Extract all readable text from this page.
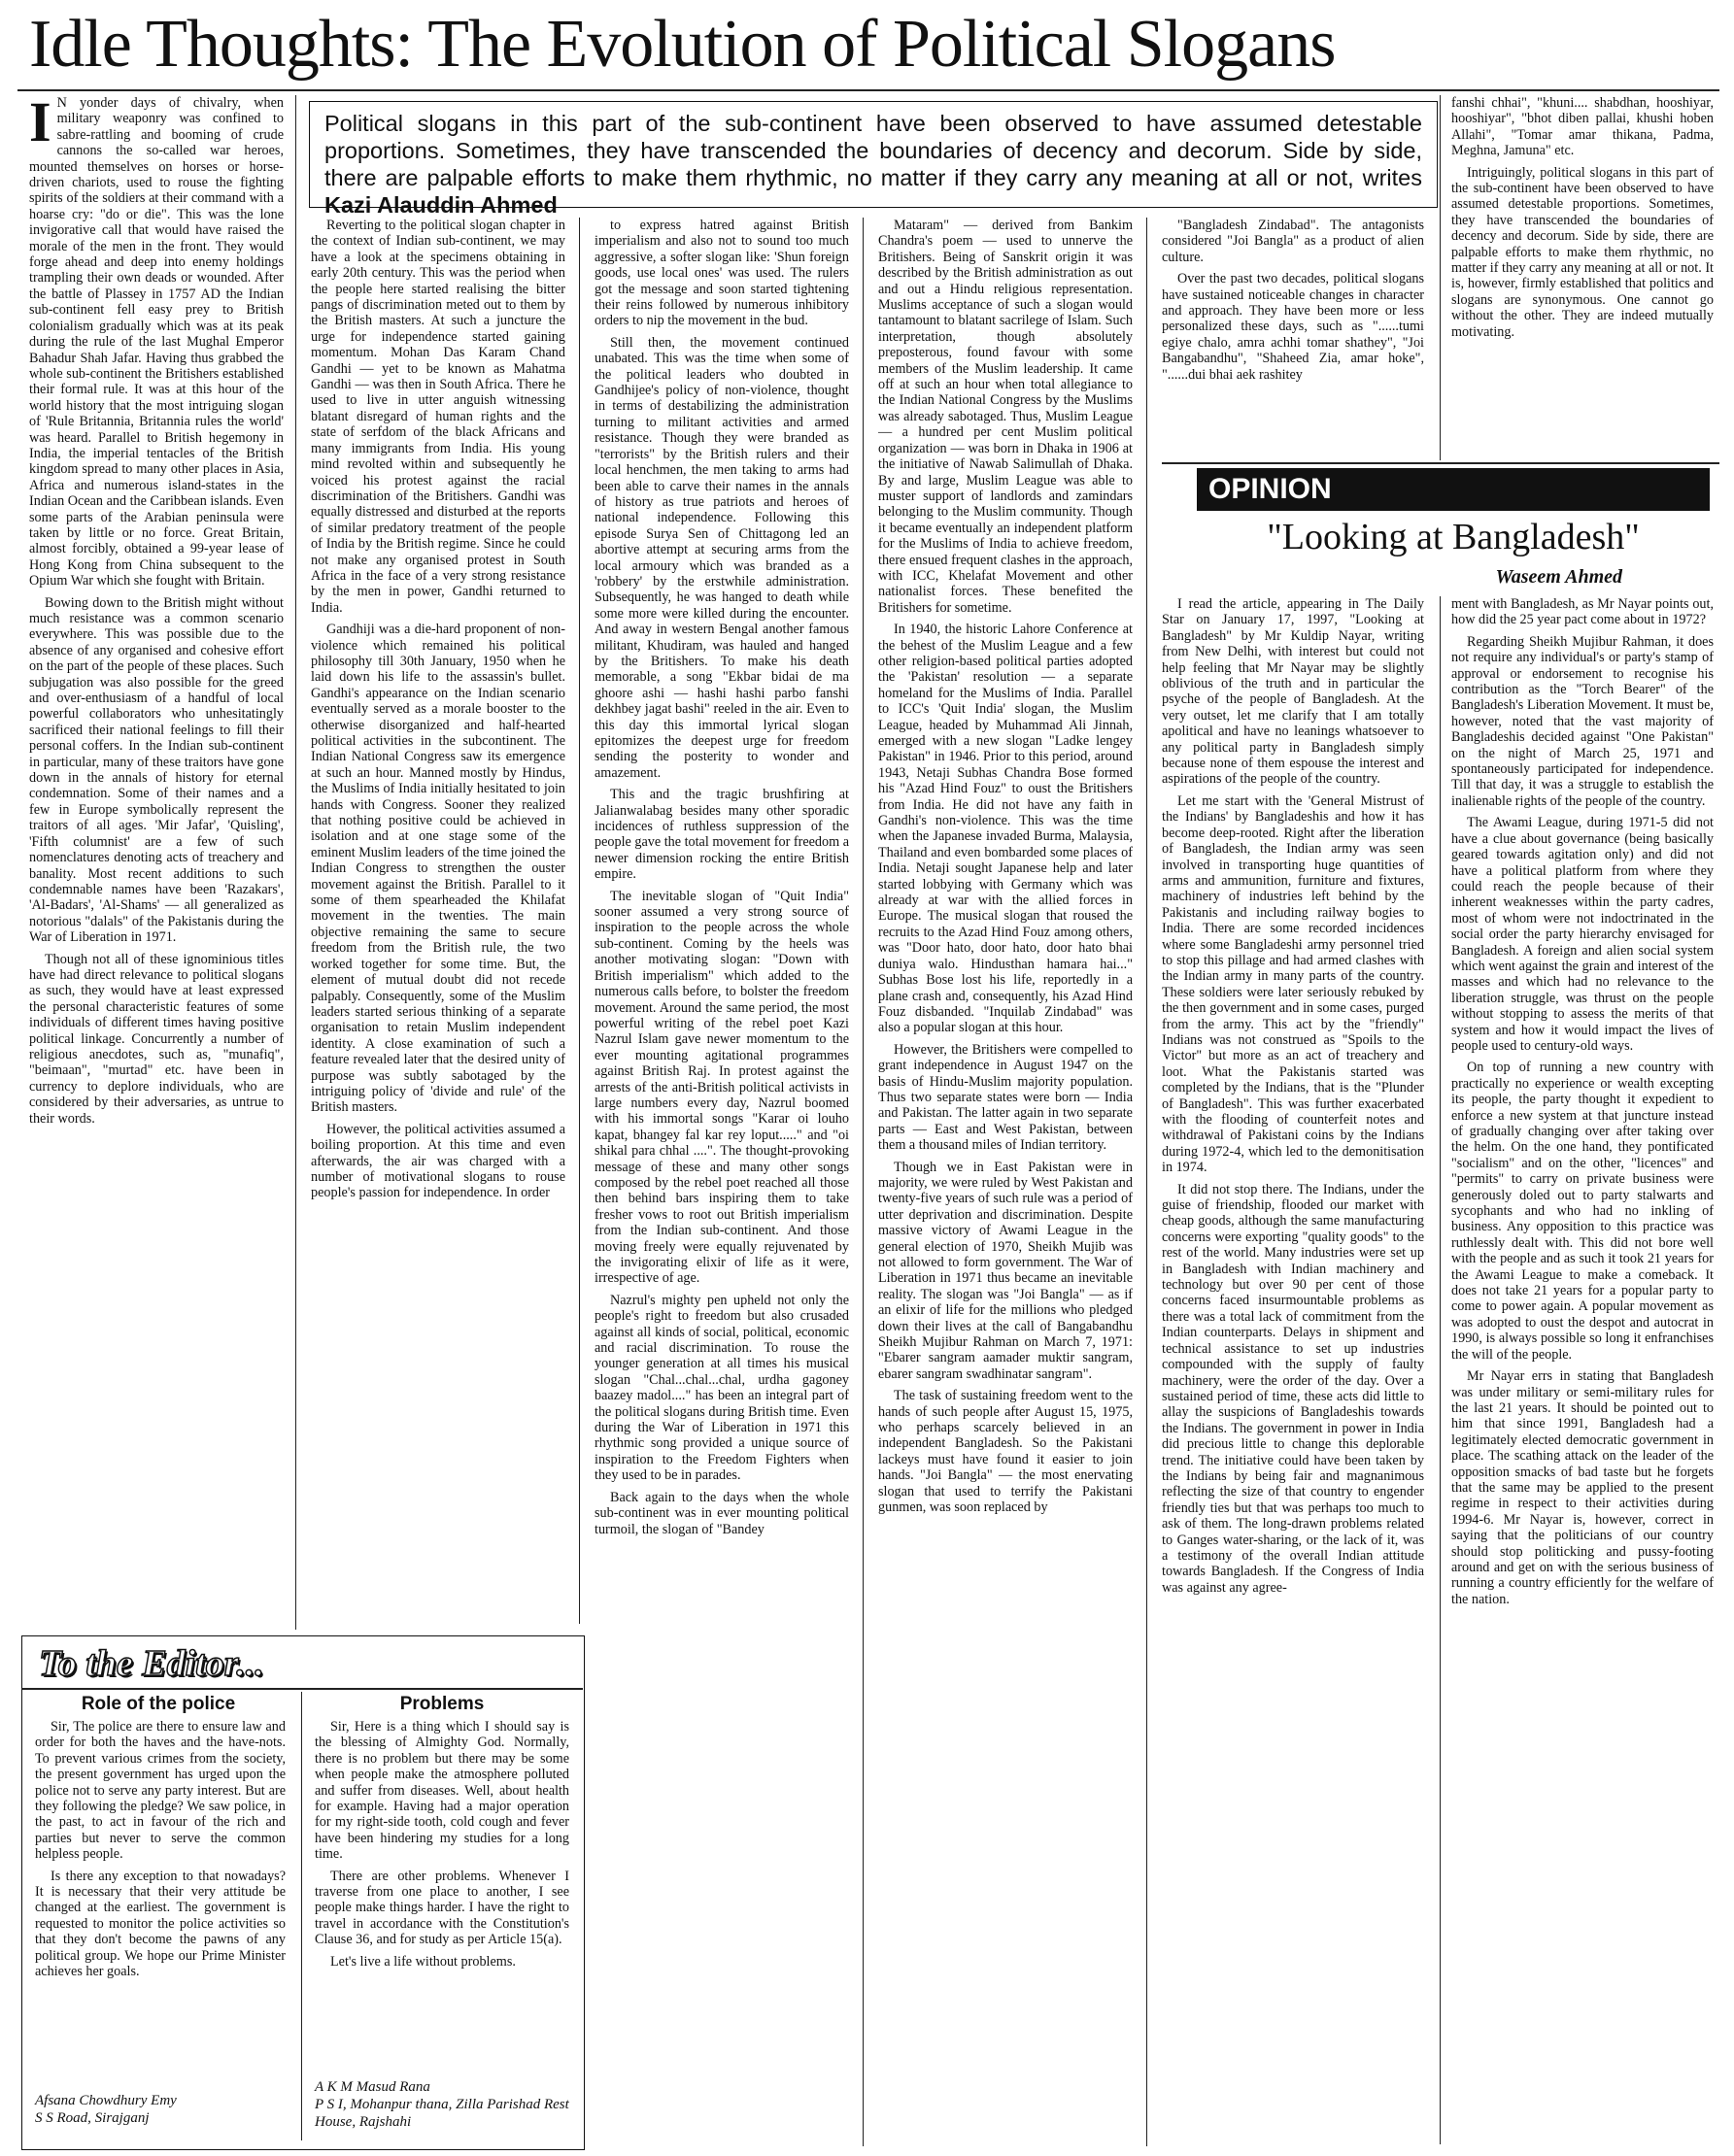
Idle Thoughts: The Evolution of Political Slogans
Political slogans in this part of the sub-continent have been observed to have assumed detestable proportions. Sometimes, they have transcended the boundaries of decency and decorum. Side by side, there are palpable efforts to make them rhythmic, no matter if they carry any meaning at all or not, writes Kazi Alauddin Ahmed

I N yonder days of chivalry, when military weaponry was confined to sabre-rattling and booming of crude cannons the so-called war heroes, mounted themselves on horses or horse-driven chariots, used to rouse the fighting spirits of the soldiers at their command with a hoarse cry: "do or die". This was the lone invigorative call that would have raised the morale of the men in the front. They would forge ahead and deep into enemy holdings trampling their own deads or wounded. After the battle of Plassey in 1757 AD the Indian sub-continent fell easy prey to British colonialism gradually which was at its peak during the rule of the last Mughal Emperor Bahadur Shah Jafar. Having thus grabbed the whole sub-continent the Britishers established their formal rule. It was at this hour of the world history that the most intriguing slogan of 'Rule Britannia, Britannia rules the world' was heard. Parallel to British hegemony in India, the imperial tentacles of the British kingdom spread to many other places in Asia, Africa and numerous island-states in the Indian Ocean and the Caribbean islands. Even some parts of the Arabian peninsula were taken by little or no force. Great Britain, almost forcibly, obtained a 99-year lease of Hong Kong from China subsequent to the Opium War which she fought with Britain.

Bowing down to the British might without much resistance was a common scenario everywhere. This was possible due to the absence of any organised and cohesive effort on the part of the people of these places. Such subjugation was also possible for the greed and over-enthusiasm of a handful of local powerful collaborators who unhesitatingly sacrificed their national feelings to fill their personal coffers. In the Indian sub-continent in particular, many of these traitors have gone down in the annals of history for eternal condemnation. Some of their names and a few in Europe symbolically represent the traitors of all ages. 'Mir Jafar', 'Quisling', 'Fifth columnist' are a few of such nomenclatures denoting acts of treachery and banality. Most recent additions to such condemnable names have been 'Razakars', 'Al-Badars', 'Al-Shams' — all generalized as notorious "dalals" of the Pakistanis during the War of Liberation in 1971.

Though not all of these ignominious titles have had direct relevance to political slogans as such, they would have at least expressed the personal characteristic features of some individuals of different times having positive political linkage. Concurrently a number of religious anecdotes, such as, "munafiq", "beimaan", "murtad" etc. have been in currency to deplore individuals, who are considered by their adversaries, as untrue to their words.

Reverting to the political slogan chapter in the context of Indian sub-continent, we may have a look at the specimens obtaining in early 20th century. This was the period when the people here started realising the bitter pangs of discrimination meted out to them by the British masters. At such a juncture the urge for independence started gaining momentum. Mohan Das Karam Chand Gandhi — yet to be known as Mahatma Gandhi — was then in South Africa. There he used to live in utter anguish witnessing blatant disregard of human rights and the state of serfdom of the black Africans and many immigrants from India. His young mind revolted within and subsequently he voiced his protest against the racial discrimination of the Britishers. Gandhi was equally distressed and disturbed at the reports of similar predatory treatment of the people of India by the British regime. Since he could not make any organised protest in South Africa in the face of a very strong resistance by the men in power, Gandhi returned to India.

Gandhiji was a die-hard proponent of non-violence which remained his political philosophy till 30th January, 1950 when he laid down his life to the assassin's bullet. Gandhi's appearance on the Indian scenario eventually served as a morale booster to the otherwise disorganized and half-hearted political activities in the subcontinent. The Indian National Congress saw its emergence at such an hour. Manned mostly by Hindus, the Muslims of India initially hesitated to join hands with Congress. Sooner they realized that nothing positive could be achieved in isolation and at one stage some of the eminent Muslim leaders of the time joined the Indian Congress to strengthen the ouster movement against the British. Parallel to it some of them spearheaded the Khilafat movement in the twenties. The main objective remaining the same to secure freedom from the British rule, the two worked together for some time. But, the element of mutual doubt did not recede palpably. Consequently, some of the Muslim leaders started serious thinking of a separate organisation to retain Muslim independent identity. A close examination of such a feature revealed later that the desired unity of purpose was subtly sabotaged by the intriguing policy of 'divide and rule' of the British masters.

However, the political activities assumed a boiling proportion. At this time and even afterwards, the air was charged with a number of motivational slogans to rouse people's passion for independence. In order

to express hatred against British imperialism and also not to sound too much aggressive, a softer slogan like: 'Shun foreign goods, use local ones' was used. The rulers got the message and soon started tightening their reins followed by numerous inhibitory orders to nip the movement in the bud.

Still then, the movement continued unabated. This was the time when some of the political leaders who doubted in Gandhijee's policy of non-violence, thought in terms of destabilizing the administration turning to militant activities and armed resistance. Though they were branded as "terrorists" by the British rulers and their local henchmen, the men taking to arms had been able to carve their names in the annals of history as true patriots and heroes of national independence. Following this episode Surya Sen of Chittagong led an abortive attempt at securing arms from the local armoury which was branded as a 'robbery' by the erstwhile administration. Subsequently, he was hanged to death while some more were killed during the encounter. And away in western Bengal another famous militant, Khudiram, was hauled and hanged by the Britishers. To make his death memorable, a song "Ekbar bidai de ma ghoore ashi — hashi hashi parbo fanshi dekhbey jagat bashi" reeled in the air. Even to this day this immortal lyrical slogan epitomizes the deepest urge for freedom sending the posterity to wonder and amazement.

This and the tragic brushfiring at Jalianwalabag besides many other sporadic incidences of ruthless suppression of the people gave the total movement for freedom a newer dimension rocking the entire British empire.

The inevitable slogan of "Quit India" sooner assumed a very strong source of inspiration to the people across the whole sub-continent. Coming by the heels was another motivating slogan: "Down with British imperialism" which added to the numerous calls before, to bolster the freedom movement. Around the same period, the most powerful writing of the rebel poet Kazi Nazrul Islam gave newer momentum to the ever mounting agitational programmes against British Raj. In protest against the arrests of the anti-British political activists in large numbers every day, Nazrul boomed with his immortal songs "Karar oi louho kapat, bhangey fal kar rey loput....." and "oi shikal para chhal ....". The thought-provoking message of these and many other songs composed by the rebel poet reached all those then behind bars inspiring them to take fresher vows to root out British imperialism from the Indian sub-continent. And those moving freely were equally rejuvenated by the invigorating elixir of life as it were, irrespective of age.

Nazrul's mighty pen upheld not only the people's right to freedom but also crusaded against all kinds of social, political, economic and racial discrimination. To rouse the younger generation at all times his musical slogan "Chal...chal...chal, urdha gagoney baazey madol...." has been an integral part of the political slogans during British time. Even during the War of Liberation in 1971 this rhythmic song provided a unique source of inspiration to the Freedom Fighters when they used to be in parades.

Back again to the days when the whole sub-continent was in ever mounting political turmoil, the slogan of "Bandey

Mataram" — derived from Bankim Chandra's poem — used to unnerve the Britishers. Being of Sanskrit origin it was described by the British administration as out and out a Hindu religious representation. Muslims acceptance of such a slogan would tantamount to blatant sacrilege of Islam. Such interpretation, though absolutely preposterous, found favour with some members of the Muslim leadership. It came off at such an hour when total allegiance to the Indian National Congress by the Muslims was already sabotaged. Thus, Muslim League — a hundred per cent Muslim political organization — was born in Dhaka in 1906 at the initiative of Nawab Salimullah of Dhaka. By and large, Muslim League was able to muster support of landlords and zamindars belonging to the Muslim community. Though it became eventually an independent platform for the Muslims of India to achieve freedom, there ensued frequent clashes in the approach, with ICC, Khelafat Movement and other nationalist forces. These benefited the Britishers for sometime.

In 1940, the historic Lahore Conference at the behest of the Muslim League and a few other religion-based political parties adopted the 'Pakistan' resolution — a separate homeland for the Muslims of India. Parallel to ICC's 'Quit India' slogan, the Muslim League, headed by Muhammad Ali Jinnah, emerged with a new slogan "Ladke lengey Pakistan" in 1946. Prior to this period, around 1943, Netaji Subhas Chandra Bose formed his "Azad Hind Fouz" to oust the Britishers from India. He did not have any faith in Gandhi's non-violence. This was the time when the Japanese invaded Burma, Malaysia, Thailand and even bombarded some places of India. Netaji sought Japanese help and later started lobbying with Germany which was already at war with the allied forces in Europe. The musical slogan that roused the recruits to the Azad Hind Fouz among others, was "Door hato, door hato, door hato bhai duniya walo. Hindusthan hamara hai..." Subhas Bose lost his life, reportedly in a plane crash and, consequently, his Azad Hind Fouz disbanded. "Inquilab Zindabad" was also a popular slogan at this hour.

However, the Britishers were compelled to grant independence in August 1947 on the basis of Hindu-Muslim majority population. Thus two separate states were born — India and Pakistan. The latter again in two separate parts — East and West Pakistan, between them a thousand miles of Indian territory.

Though we in East Pakistan were in majority, we were ruled by West Pakistan and twenty-five years of such rule was a period of utter deprivation and discrimination. Despite massive victory of Awami League in the general election of 1970, Sheikh Mujib was not allowed to form government. The War of Liberation in 1971 thus became an inevitable reality. The slogan was "Joi Bangla" — as if an elixir of life for the millions who pledged down their lives at the call of Bangabandhu Sheikh Mujibur Rahman on March 7, 1971: "Ebarer sangram aamader muktir sangram, ebarer sangram swadhinatar sangram".

The task of sustaining freedom went to the hands of such people after August 15, 1975, who perhaps scarcely believed in an independent Bangladesh. So the Pakistani lackeys must have found it easier to join hands. "Joi Bangla" — the most enervating slogan that used to terrify the Pakistani gunmen, was soon replaced by

"Bangladesh Zindabad". The antagonists considered "Joi Bangla" as a product of alien culture.

Over the past two decades, political slogans have sustained noticeable changes in character and approach. They have been more or less personalized these days, such as "......tumi egiye chalo, amra achhi tomar shathey", "Joi Bangabandhu", "Shaheed Zia, amar hoke", "......dui bhai aek rashitey

fanshi chhai", "khuni.... shabdhan, hooshiyar, hooshiyar", "bhot diben pallai, khushi hoben Allahi", "Tomar amar thikana, Padma, Meghna, Jamuna" etc.

Intriguingly, political slogans in this part of the sub-continent have been observed to have assumed detestable proportions. Sometimes, they have transcended the boundaries of decency and decorum. Side by side, there are palpable efforts to make them rhythmic, no matter if they carry any meaning at all or not. It is, however, firmly established that politics and slogans are synonymous. One cannot go without the other. They are indeed mutually motivating.

OPINION
"Looking at Bangladesh"
Waseem Ahmed

I read the article, appearing in The Daily Star on January 17, 1997, "Looking at Bangladesh" by Mr Kuldip Nayar, writing from New Delhi, with interest but could not help feeling that Mr Nayar may be slightly oblivious of the truth and in particular the psyche of the people of Bangladesh. At the very outset, let me clarify that I am totally apolitical and have no leanings whatsoever to any political party in Bangladesh simply because none of them espouse the interest and aspirations of the people of the country.

Let me start with the 'General Mistrust of the Indians' by Bangladeshis and how it has become deep-rooted. Right after the liberation of Bangladesh, the Indian army was seen involved in transporting huge quantities of arms and ammunition, furniture and fixtures, machinery of industries left behind by the Pakistanis and including railway bogies to India. There are some recorded incidences where some Bangladeshi army personnel tried to stop this pillage and had armed clashes with the Indian army in many parts of the country. These soldiers were later seriously rebuked by the then government and in some cases, purged from the army. This act by the "friendly" Indians was not construed as "Spoils to the Victor" but more as an act of treachery and loot. What the Pakistanis started was completed by the Indians, that is the "Plunder of Bangladesh". This was further exacerbated with the flooding of counterfeit notes and withdrawal of Pakistani coins by the Indians during 1972-4, which led to the demonitisation in 1974.

It did not stop there. The Indians, under the guise of friendship, flooded our market with cheap goods, although the same manufacturing concerns were exporting "quality goods" to the rest of the world. Many industries were set up in Bangladesh with Indian machinery and technology but over 90 per cent of those concerns faced insurmountable problems as there was a total lack of commitment from the Indian counterparts. Delays in shipment and technical assistance to set up industries compounded with the supply of faulty machinery, were the order of the day. Over a sustained period of time, these acts did little to allay the suspicions of Bangladeshis towards the Indians. The government in power in India did precious little to change this deplorable trend. The initiative could have been taken by the Indians by being fair and magnanimous reflecting the size of that country to engender friendly ties but that was perhaps too much to ask of them. The long-drawn problems related to Ganges water-sharing, or the lack of it, was a testimony of the overall Indian attitude towards Bangladesh. If the Congress of India was against any agree-

ment with Bangladesh, as Mr Nayar points out, how did the 25 year pact come about in 1972?

Regarding Sheikh Mujibur Rahman, it does not require any individual's or party's stamp of approval or endorsement to recognise his contribution as the "Torch Bearer" of the Bangladesh's Liberation Movement. It must be, however, noted that the vast majority of Bangladeshis decided against "One Pakistan" on the night of March 25, 1971 and spontaneously participated for independence. Till that day, it was a struggle to establish the inalienable rights of the people of the country.

The Awami League, during 1971-5 did not have a clue about governance (being basically geared towards agitation only) and did not have a political platform from where they could reach the people because of their inherent weaknesses within the party cadres, most of whom were not indoctrinated in the social order the party hierarchy envisaged for Bangladesh. A foreign and alien social system which went against the grain and interest of the masses and which had no relevance to the liberation struggle, was thrust on the people without stopping to assess the merits of that system and how it would impact the lives of people used to century-old ways.

On top of running a new country with practically no experience or wealth excepting its people, the party thought it expedient to enforce a new system at that juncture instead of gradually changing over after taking over the helm. On the one hand, they pontificated "socialism" and on the other, "licences" and "permits" to carry on private business were generously doled out to party stalwarts and sycophants and who had no inkling of business. Any opposition to this practice was ruthlessly dealt with. This did not bore well with the people and as such it took 21 years for the Awami League to make a comeback. It does not take 21 years for a popular party to come to power again. A popular movement as was adopted to oust the despot and autocrat in 1990, is always possible so long it enfranchises the will of the people.

Mr Nayar errs in stating that Bangladesh was under military or semi-military rules for the last 21 years. It should be pointed out to him that since 1991, Bangladesh had a legitimately elected democratic government in place. The scathing attack on the leader of the opposition smacks of bad taste but he forgets that the same may be applied to the present regime in respect to their activities during 1994-6. Mr Nayar is, however, correct in saying that the politicians of our country should stop politicking and pussy-footing around and get on with the serious business of running a country efficiently for the welfare of the nation.

To the Editor...
Role of the police

Sir, The police are there to ensure law and order for both the haves and the have-nots. To prevent various crimes from the society, the present government has urged upon the police not to serve any party interest. But are they following the pledge? We saw police, in the past, to act in favour of the rich and parties but never to serve the common helpless people.

Is there any exception to that nowadays? It is necessary that their very attitude be changed at the earliest. The government is requested to monitor the police activities so that they don't become the pawns of any political group. We hope our Prime Minister achieves her goals.

Afsana Chowdhury Emy
S S Road, Sirajganj
Problems

Sir, Here is a thing which I should say is the blessing of Almighty God. Normally, there is no problem but there may be some when people make the atmosphere polluted and suffer from diseases. Well, about health for example. Having had a major operation for my right-side tooth, cold cough and fever have been hindering my studies for a long time.

There are other problems. Whenever I traverse from one place to another, I see people make things harder. I have the right to travel in accordance with the Constitution's Clause 36, and for study as per Article 15(a).

Let's live a life without problems.

A K M Masud Rana
P S I, Mohanpur thana, Zilla Parishad Rest House, Rajshahi
